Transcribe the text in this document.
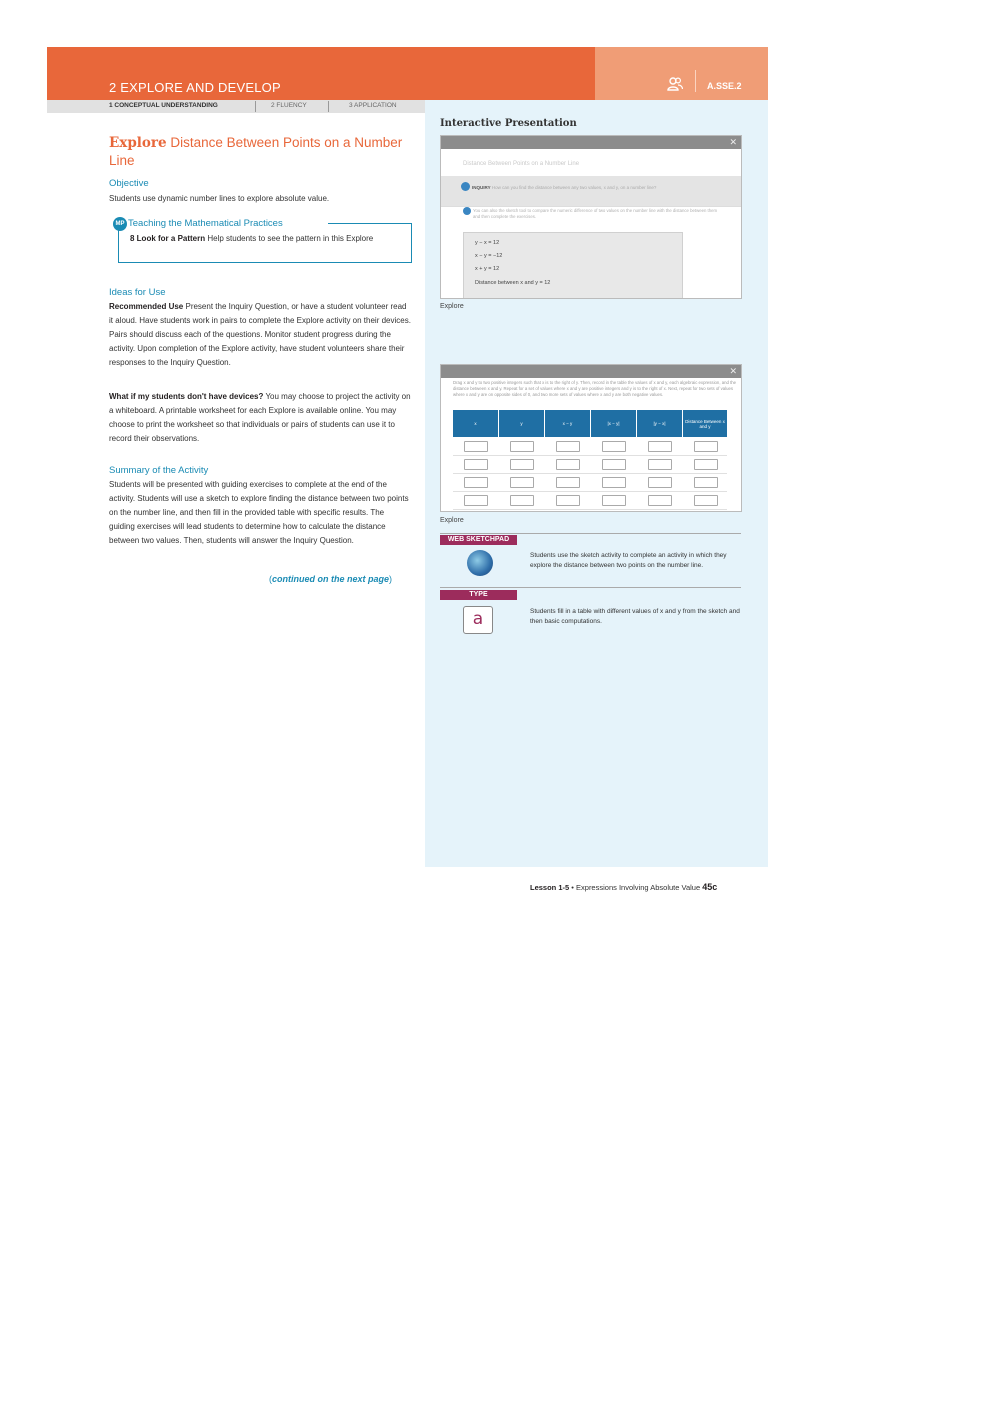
2 EXPLORE AND DEVELOP	A.SSE.2
1 CONCEPTUAL UNDERSTANDING	2 FLUENCY	3 APPLICATION
Explore Distance Between Points on a Number Line
Objective
Students use dynamic number lines to explore absolute value.
MP Teaching the Mathematical Practices
8 Look for a Pattern Help students to see the pattern in this Explore
Ideas for Use
Recommended Use Present the Inquiry Question, or have a student volunteer read it aloud. Have students work in pairs to complete the Explore activity on their devices. Pairs should discuss each of the questions. Monitor student progress during the activity. Upon completion of the Explore activity, have student volunteers share their responses to the Inquiry Question.
What if my students don't have devices? You may choose to project the activity on a whiteboard. A printable worksheet for each Explore is available online. You may choose to print the worksheet so that individuals or pairs of students can use it to record their observations.
Summary of the Activity
Students will be presented with guiding exercises to complete at the end of the activity. Students will use a sketch to explore finding the distance between two points on the number line, and then fill in the provided table with specific results. The guiding exercises will lead students to determine how to calculate the distance between two values. Then, students will answer the Inquiry Question.
(continued on the next page)
Interactive Presentation
✕
Distance Between Points on a Number Line
INQUIRY How can you find the distance between any two values, x and y, on a number line?
You can also the sketch tool to compare the numeric difference of two values on the number line with the distance between them and then complete the exercises.
y − x = 12
x − y = −12
x + y = 12
Distance between x and y = 12
Explore
✕
Drag x and y to two positive integers such that x is to the right of y. Then, record in the table the values of x and y, each algebraic expression, and the distance between x and y. Repeat for a set of values where x and y are positive integers and y is to the right of x. Next, repeat for two sets of values where x and y are on opposite sides of 0, and two more sets of values where x and y are both negative values.
x	y	x − y	|x − y|	|y − x|	Distance Between x and y
Explore
WEB SKETCHPAD
Students use the sketch activity to complete an activity in which they explore the distance between two points on the number line.
TYPE
a	Students fill in a table with different values of x and y from the sketch and then basic computations.
Lesson 1-5 • Expressions Involving Absolute Value 45c
